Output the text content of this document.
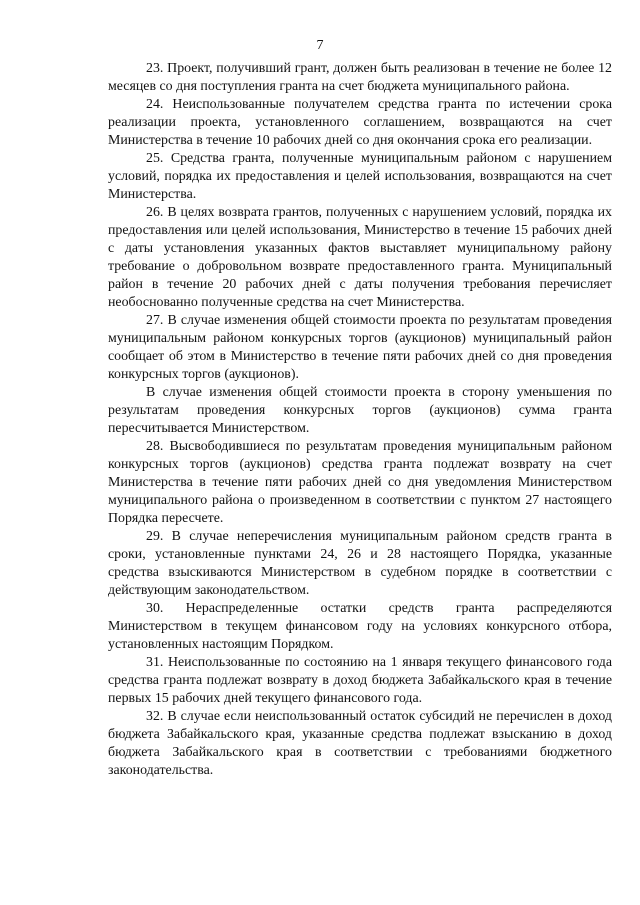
7

23. Проект, получивший грант, должен быть реализован в течение не более 12 месяцев со дня поступления гранта на счет бюджета муниципального района.

24. Неиспользованные получателем средства гранта по истечении срока реализации проекта, установленного соглашением, возвращаются на счет Министерства в течение 10 рабочих дней со дня окончания срока его реализации.

25. Средства гранта, полученные муниципальным районом с нарушением условий, порядка их предоставления и целей использования, возвращаются на счет Министерства.

26. В целях возврата грантов, полученных с нарушением условий, порядка их предоставления или целей использования, Министерство в течение 15 рабочих дней с даты установления указанных фактов выставляет муниципальному району требование о добровольном возврате предоставленного гранта. Муниципальный район в течение 20 рабочих дней с даты получения требования перечисляет необоснованно полученные средства на счет Министерства.

27. В случае изменения общей стоимости проекта по результатам проведения муниципальным районом конкурсных торгов (аукционов) муниципальный район сообщает об этом в Министерство в течение пяти рабочих дней со дня проведения конкурсных торгов (аукционов).

В случае изменения общей стоимости проекта в сторону уменьшения по результатам проведения конкурсных торгов (аукционов) сумма гранта пересчитывается Министерством.

28. Высвободившиеся по результатам проведения муниципальным районом конкурсных торгов (аукционов) средства гранта подлежат возврату на счет Министерства в течение пяти рабочих дней со дня уведомления Министерством муниципального района о произведенном в соответствии с пунктом 27 настоящего Порядка пересчете.

29. В случае неперечисления муниципальным районом средств гранта в сроки, установленные пунктами 24, 26 и 28 настоящего Порядка, указанные средства взыскиваются Министерством в судебном порядке в соответствии с действующим законодательством.

30. Нераспределенные остатки средств гранта распределяются Министерством в текущем финансовом году на условиях конкурсного отбора, установленных настоящим Порядком.

31. Неиспользованные по состоянию на 1 января текущего финансового года средства гранта подлежат возврату в доход бюджета Забайкальского края в течение первых 15 рабочих дней текущего финансового года.

32. В случае если неиспользованный остаток субсидий не перечислен в доход бюджета Забайкальского края, указанные средства подлежат взысканию в доход бюджета Забайкальского края в соответствии с требованиями бюджетного законодательства.
